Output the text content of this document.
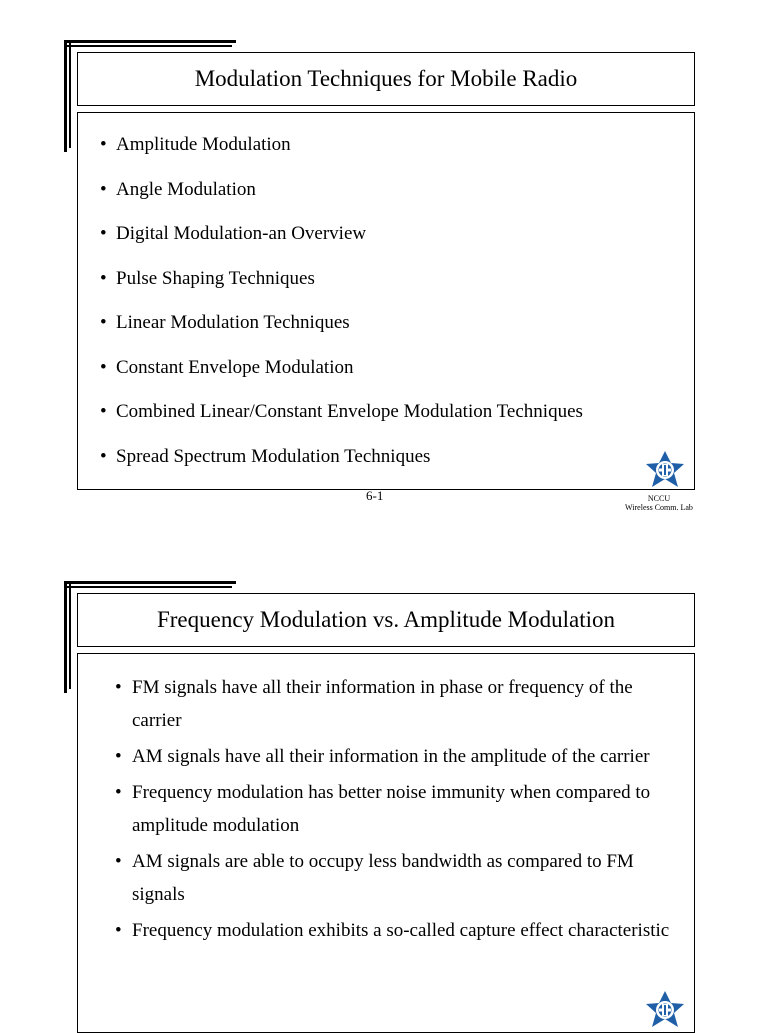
Modulation Techniques for Mobile Radio
• Amplitude Modulation
• Angle Modulation
• Digital Modulation-an Overview
• Pulse Shaping Techniques
• Linear Modulation Techniques
• Constant Envelope Modulation
• Combined Linear/Constant Envelope Modulation Techniques
• Spread Spectrum Modulation Techniques
6-1	NCCU
Wireless Comm. Lab
Frequency Modulation vs. Amplitude Modulation
• FM signals have all their information in phase or frequency of the carrier
• AM signals have all their information in the amplitude of the carrier
• Frequency modulation has better noise immunity when compared to amplitude modulation
• AM signals are able to occupy less bandwidth as compared to FM signals
• Frequency modulation exhibits a so-called capture effect characteristic
